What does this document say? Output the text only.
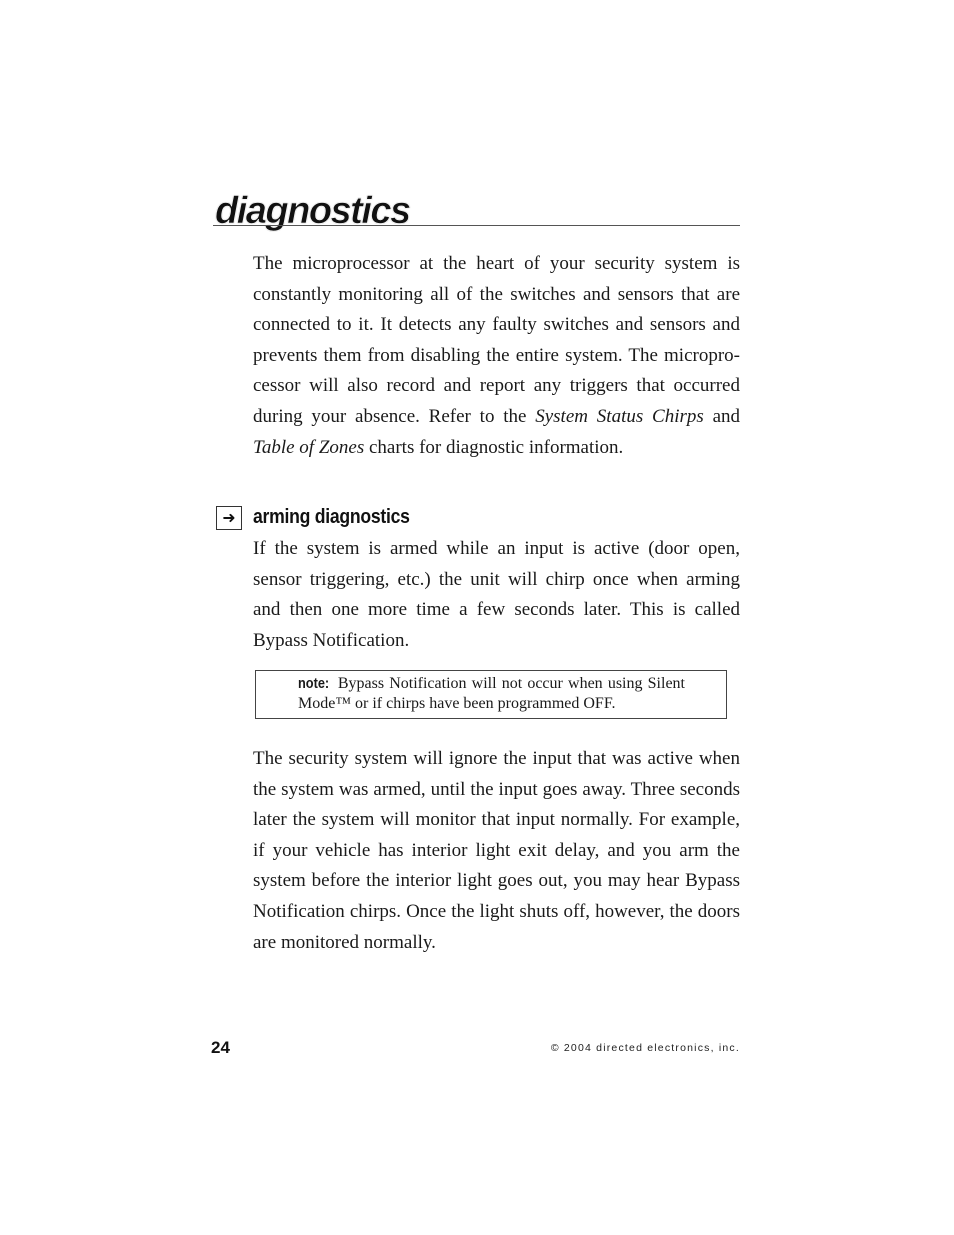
diagnostics

The microprocessor at the heart of your security system is constantly monitoring all of the switches and sensors that are connected to it. It detects any faulty switches and sensors and prevents them from disabling the entire system. The micropro-cessor will also record and report any triggers that occurred during your absence. Refer to the System Status Chirps and Table of Zones charts for diagnostic information.

➜ arming diagnostics

If the system is armed while an input is active (door open, sensor triggering, etc.) the unit will chirp once when arming and then one more time a few seconds later. This is called Bypass Notification.

note: Bypass Notification will not occur when using Silent Mode™ or if chirps have been programmed OFF.

The security system will ignore the input that was active when the system was armed, until the input goes away. Three seconds later the system will monitor that input normally. For example, if your vehicle has interior light exit delay, and you arm the system before the interior light goes out, you may hear Bypass Notification chirps. Once the light shuts off, however, the doors are monitored normally.

24	© 2004 directed electronics, inc.
